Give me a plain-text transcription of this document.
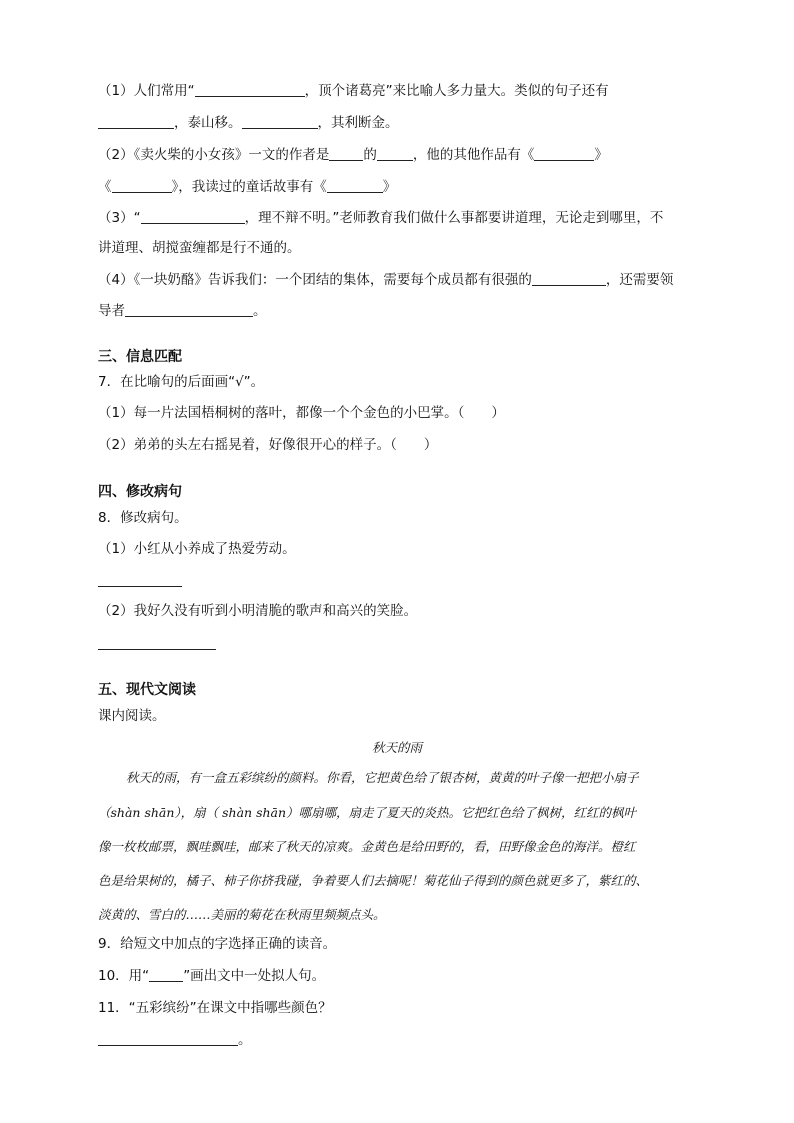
（1）人们常用“	，顶个诸葛亮”来比喻人多力量大。类似的句子还有
，泰山移。	，其利断金。
（2）《卖火柴的小女孩》一文的作者是	的	，他的其他作品有《	》
《	》，我读过的童话故事有《	》
（3）“	，理不辩不明。”老师教育我们做什么事都要讲道理，无论走到哪里，不
讲道理、胡搅蛮缠都是行不通的。
（4）《一块奶酪》告诉我们：一个团结的集体，需要每个成员都有很强的	，还需要领
导者	。
三、信息匹配
7．在比喻句的后面画“√”。
（1）每一片法国梧桐树的落叶，都像一个个金色的小巴掌。（　　）
（2）弟弟的头左右摇晃着，好像很开心的样子。（　　）
四、修改病句
8．修改病句。
（1）小红从小养成了热爱劳动。
（2）我好久没有听到小明清脆的歌声和高兴的笑脸。
五、现代文阅读
课内阅读。
秋天的雨
秋天的雨，有一盒五彩缤纷的颜料。你看，它把黄色给了银杏树，黄黄的叶子像一把把小扇子
（shàn shān），扇（ shàn shān）哪扇哪，扇走了夏天的炎热。它把红色给了枫树，红红的枫叶
像一枚枚邮票，飘哇飘哇，邮来了秋天的凉爽。金黄色是给田野的，看，田野像金色的海洋。橙红
色是给果树的，橘子、柿子你挤我碰，争着要人们去摘呢！菊花仙子得到的颜色就更多了，紫红的、
淡黄的、雪白的……美丽的菊花在秋雨里频频点头。
9．给短文中加点的字选择正确的读音。
10．用“	”画出文中一处拟人句。
11．“五彩缤纷”在课文中指哪些颜色？
。
